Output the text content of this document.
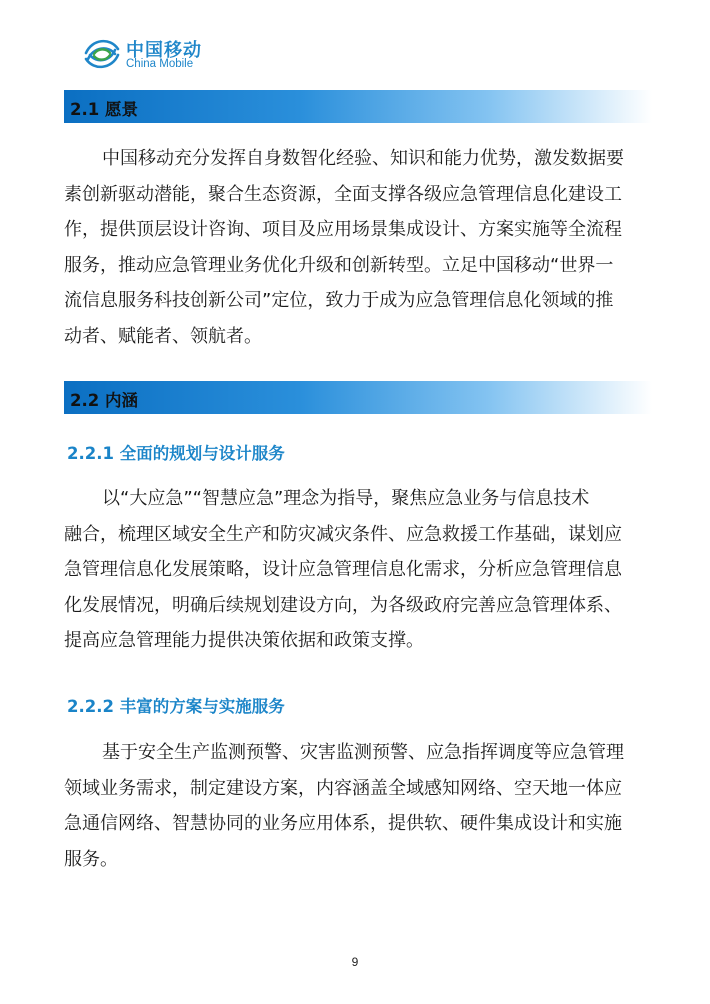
中国移动
China Mobile
2.1 愿景
中国移动充分发挥自身数智化经验、知识和能力优势，激发数据要
素创新驱动潜能，聚合生态资源，全面支撑各级应急管理信息化建设工
作，提供顶层设计咨询、项目及应用场景集成设计、方案实施等全流程
服务，推动应急管理业务优化升级和创新转型。立足中国移动“世界一
流信息服务科技创新公司”定位，致力于成为应急管理信息化领域的推
动者、赋能者、领航者。
2.2 内涵
2.2.1 全面的规划与设计服务
以“大应急”“智慧应急”理念为指导，聚焦应急业务与信息技术
融合，梳理区域安全生产和防灾减灾条件、应急救援工作基础，谋划应
急管理信息化发展策略，设计应急管理信息化需求，分析应急管理信息
化发展情况，明确后续规划建设方向，为各级政府完善应急管理体系、
提高应急管理能力提供决策依据和政策支撑。
2.2.2 丰富的方案与实施服务
基于安全生产监测预警、灾害监测预警、应急指挥调度等应急管理
领域业务需求，制定建设方案，内容涵盖全域感知网络、空天地一体应
急通信网络、智慧协同的业务应用体系，提供软、硬件集成设计和实施
服务。
9
